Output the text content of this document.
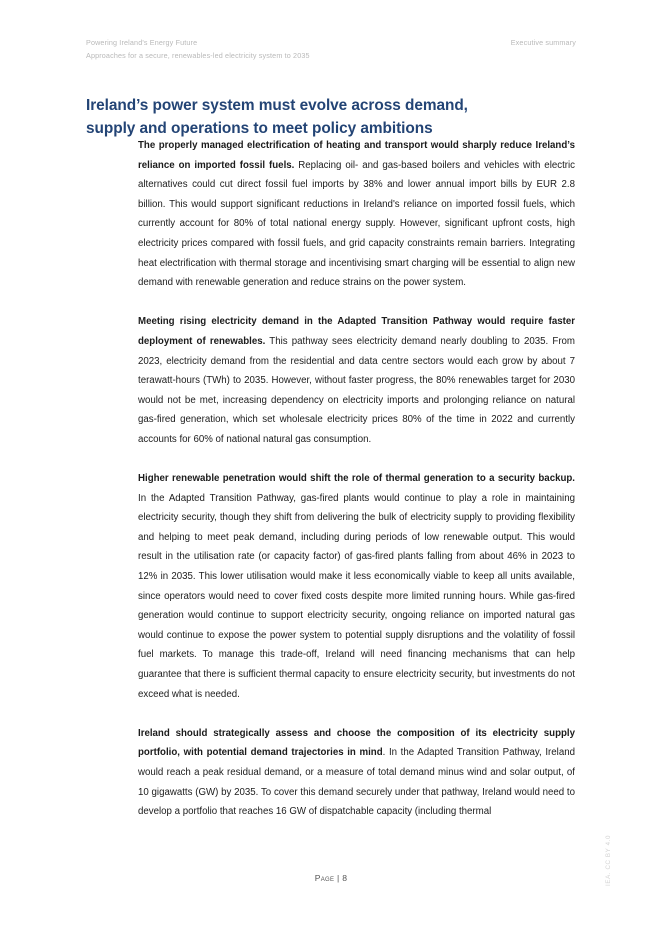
Powering Ireland's Energy Future	Executive summary
Approaches for a secure, renewables-led electricity system to 2035
Ireland’s power system must evolve across demand,
supply and operations to meet policy ambitions

The properly managed electrification of heating and transport would sharply reduce Ireland’s reliance on imported fossil fuels. Replacing oil- and gas-based boilers and vehicles with electric alternatives could cut direct fossil fuel imports by 38% and lower annual import bills by EUR 2.8 billion. This would support significant reductions in Ireland's reliance on imported fossil fuels, which currently account for 80% of total national energy supply. However, significant upfront costs, high electricity prices compared with fossil fuels, and grid capacity constraints remain barriers. Integrating heat electrification with thermal storage and incentivising smart charging will be essential to align new demand with renewable generation and reduce strains on the power system.

Meeting rising electricity demand in the Adapted Transition Pathway would require faster deployment of renewables. This pathway sees electricity demand nearly doubling to 2035. From 2023, electricity demand from the residential and data centre sectors would each grow by about 7 terawatt-hours (TWh) to 2035. However, without faster progress, the 80% renewables target for 2030 would not be met, increasing dependency on electricity imports and prolonging reliance on natural gas-fired generation, which set wholesale electricity prices 80% of the time in 2022 and currently accounts for 60% of national natural gas consumption.

Higher renewable penetration would shift the role of thermal generation to a security backup. In the Adapted Transition Pathway, gas-fired plants would continue to play a role in maintaining electricity security, though they shift from delivering the bulk of electricity supply to providing flexibility and helping to meet peak demand, including during periods of low renewable output. This would result in the utilisation rate (or capacity factor) of gas-fired plants falling from about 46% in 2023 to 12% in 2035. This lower utilisation would make it less economically viable to keep all units available, since operators would need to cover fixed costs despite more limited running hours. While gas-fired generation would continue to support electricity security, ongoing reliance on imported natural gas would continue to expose the power system to potential supply disruptions and the volatility of fossil fuel markets. To manage this trade-off, Ireland will need financing mechanisms that can help guarantee that there is sufficient thermal capacity to ensure electricity security, but investments do not exceed what is needed.

Ireland should strategically assess and choose the composition of its electricity supply portfolio, with potential demand trajectories in mind. In the Adapted Transition Pathway, Ireland would reach a peak residual demand, or a measure of total demand minus wind and solar output, of 10 gigawatts (GW) by 2035. To cover this demand securely under that pathway, Ireland would need to develop a portfolio that reaches 16 GW of dispatchable capacity (including thermal

IEA. CC BY 4.0
Page | 8
